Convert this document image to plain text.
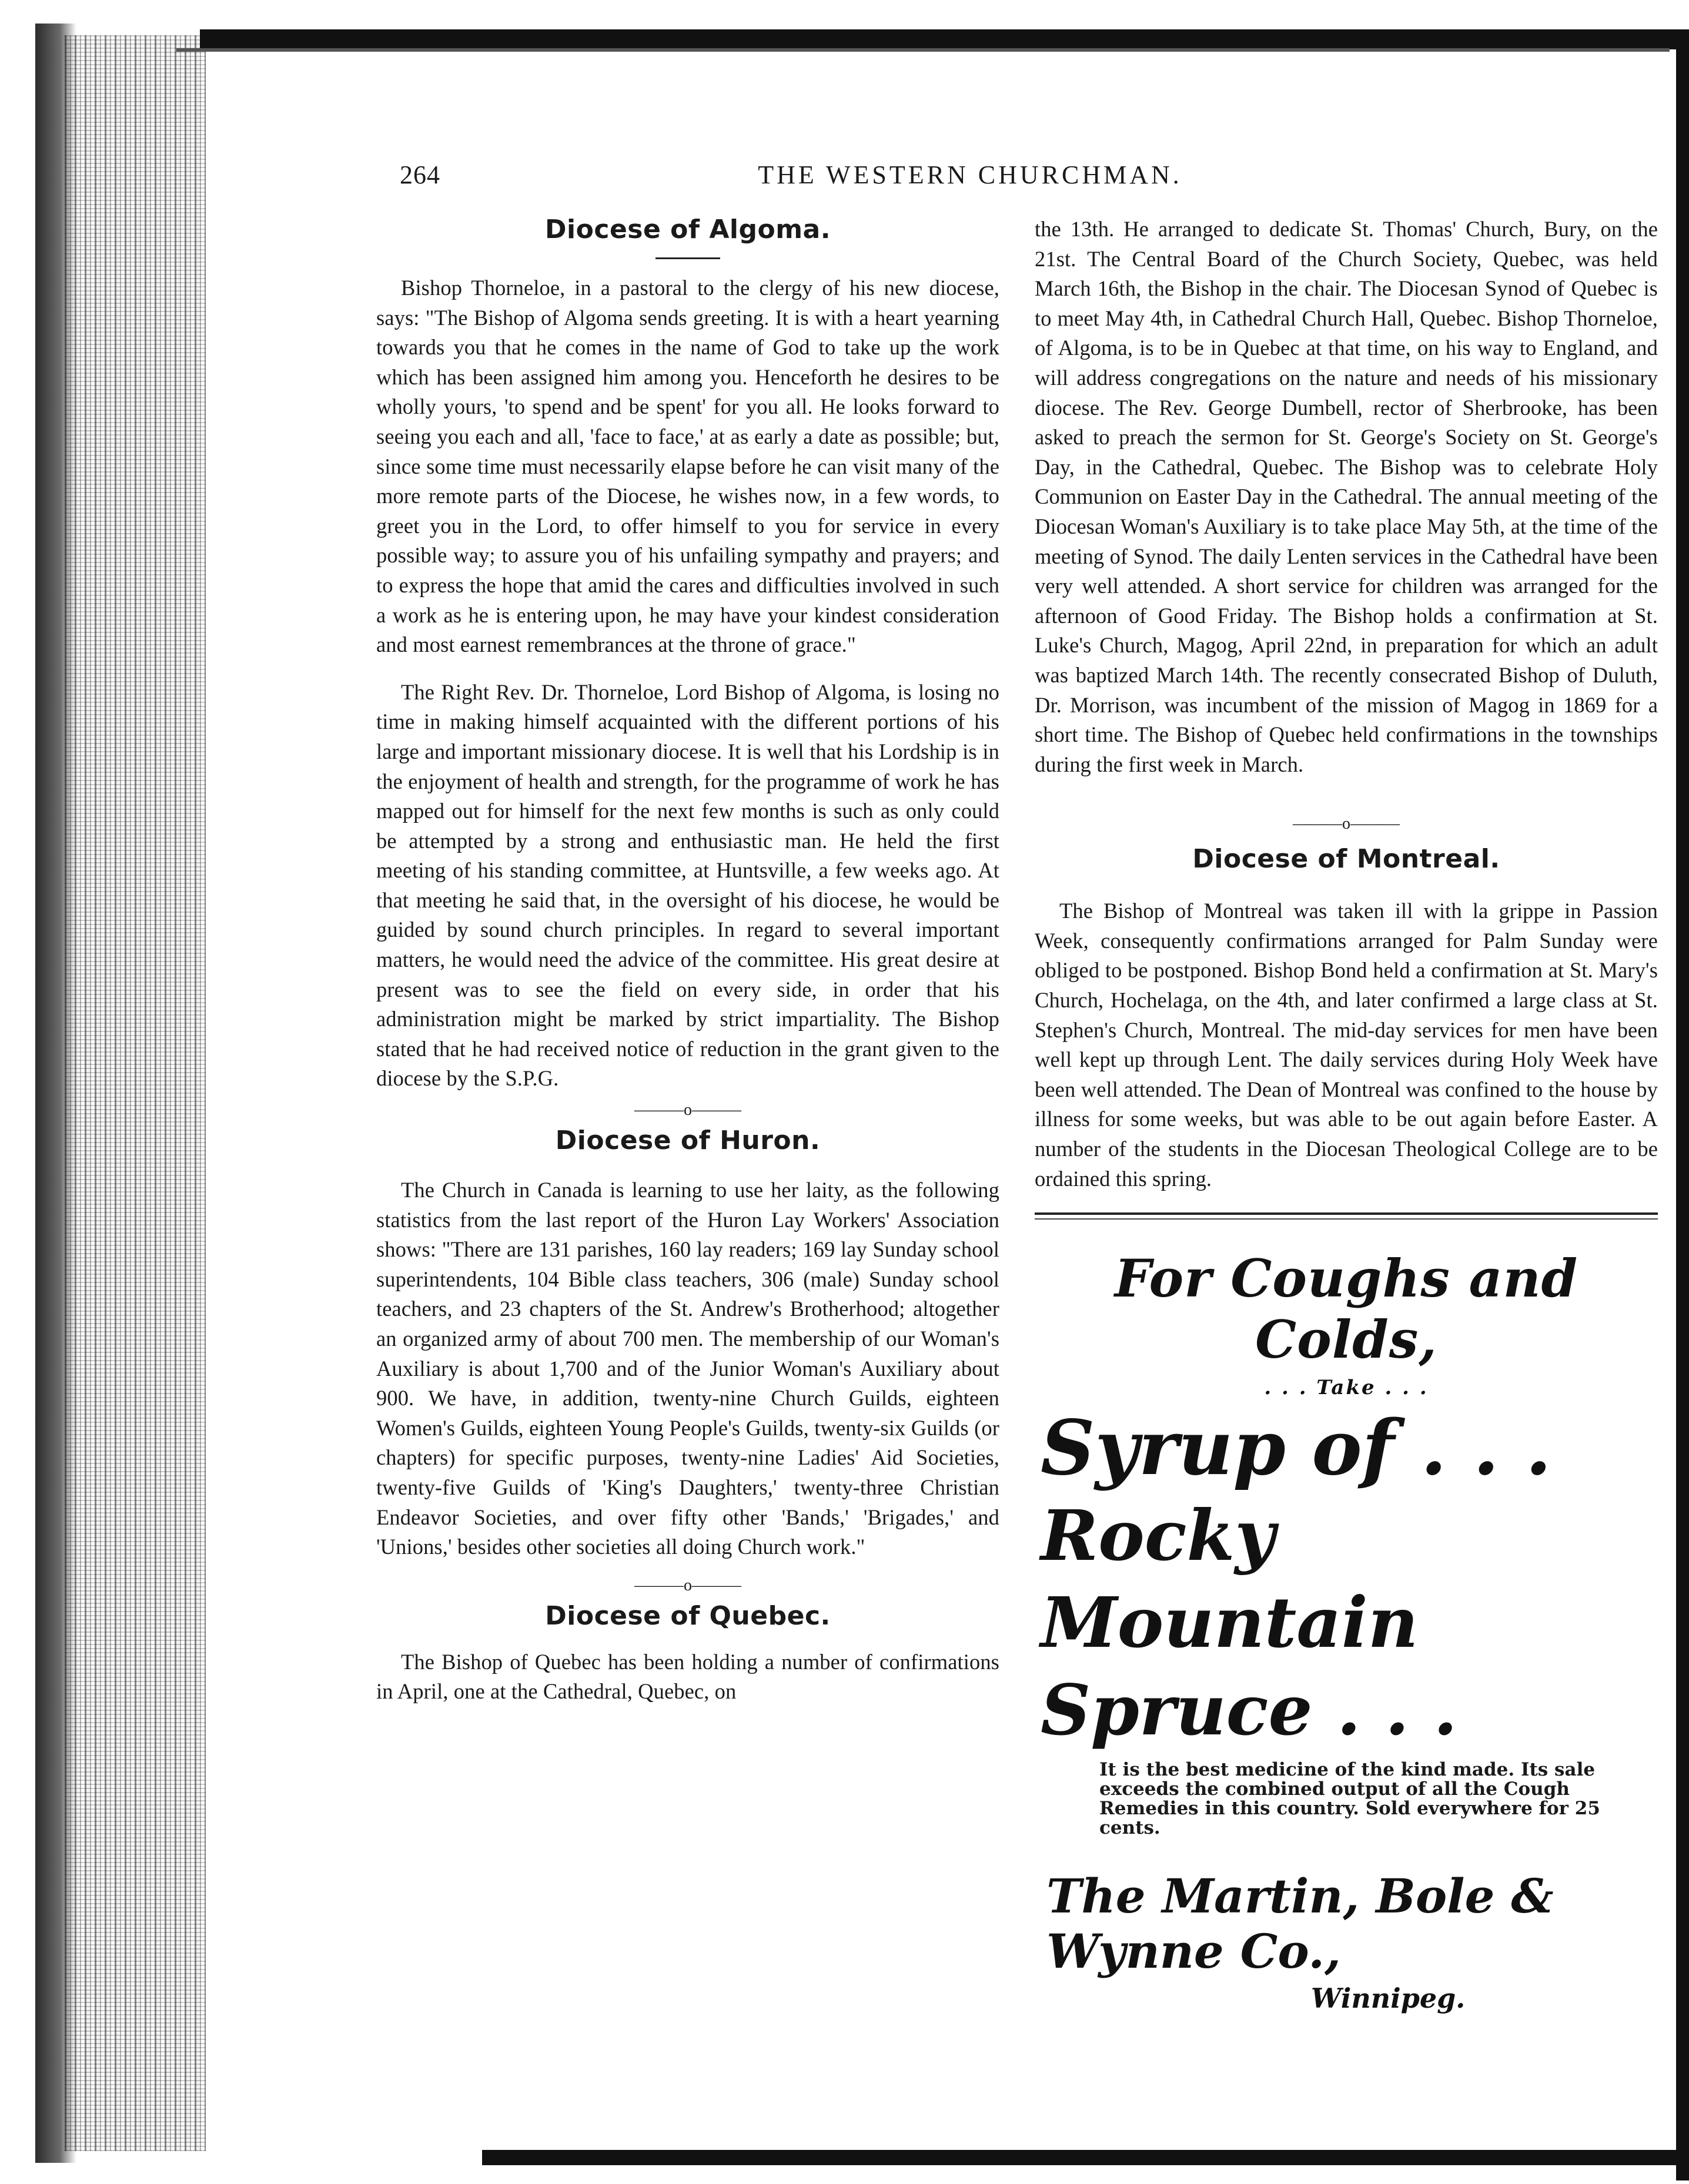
264	THE WESTERN CHURCHMAN.
Diocese of Algoma.

Bishop Thorneloe, in a pastoral to the clergy of his new diocese, says: "The Bishop of Algoma sends greeting. It is with a heart yearning towards you that he comes in the name of God to take up the work which has been assigned him among you. Henceforth he desires to be wholly yours, 'to spend and be spent' for you all. He looks forward to seeing you each and all, 'face to face,' at as early a date as possible; but, since some time must necessarily elapse before he can visit many of the more remote parts of the Diocese, he wishes now, in a few words, to greet you in the Lord, to offer himself to you for service in every possible way; to assure you of his unfailing sympathy and prayers; and to express the hope that amid the cares and difficulties involved in such a work as he is entering upon, he may have your kindest consideration and most earnest remembrances at the throne of grace."

The Right Rev. Dr. Thorneloe, Lord Bishop of Algoma, is losing no time in making himself acquainted with the different portions of his large and important missionary diocese. It is well that his Lordship is in the enjoyment of health and strength, for the programme of work he has mapped out for himself for the next few months is such as only could be attempted by a strong and enthusiastic man. He held the first meeting of his standing committee, at Huntsville, a few weeks ago. At that meeting he said that, in the oversight of his diocese, he would be guided by sound church principles. In regard to several important matters, he would need the advice of the committee. His great desire at present was to see the field on every side, in order that his administration might be marked by strict impartiality. The Bishop stated that he had received notice of reduction in the grant given to the diocese by the S.P.G.

———o———
Diocese of Huron.

The Church in Canada is learning to use her laity, as the following statistics from the last report of the Huron Lay Workers' Association shows: "There are 131 parishes, 160 lay readers; 169 lay Sunday school superintendents, 104 Bible class teachers, 306 (male) Sunday school teachers, and 23 chapters of the St. Andrew's Brotherhood; altogether an organized army of about 700 men. The membership of our Woman's Auxiliary is about 1,700 and of the Junior Woman's Auxiliary about 900. We have, in addition, twenty-nine Church Guilds, eighteen Women's Guilds, eighteen Young People's Guilds, twenty-six Guilds (or chapters) for specific purposes, twenty-nine Ladies' Aid Societies, twenty-five Guilds of 'King's Daughters,' twenty-three Christian Endeavor Societies, and over fifty other 'Bands,' 'Brigades,' and 'Unions,' besides other societies all doing Church work."

———o———
Diocese of Quebec.

The Bishop of Quebec has been holding a number of confirmations in April, one at the Cathedral, Quebec, on

the 13th. He arranged to dedicate St. Thomas' Church, Bury, on the 21st. The Central Board of the Church Society, Quebec, was held March 16th, the Bishop in the chair. The Diocesan Synod of Quebec is to meet May 4th, in Cathedral Church Hall, Quebec. Bishop Thorneloe, of Algoma, is to be in Quebec at that time, on his way to England, and will address congregations on the nature and needs of his missionary diocese. The Rev. George Dumbell, rector of Sherbrooke, has been asked to preach the sermon for St. George's Society on St. George's Day, in the Cathedral, Quebec. The Bishop was to celebrate Holy Communion on Easter Day in the Cathedral. The annual meeting of the Diocesan Woman's Auxiliary is to take place May 5th, at the time of the meeting of Synod. The daily Lenten services in the Cathedral have been very well attended. A short service for children was arranged for the afternoon of Good Friday. The Bishop holds a confirmation at St. Luke's Church, Magog, April 22nd, in preparation for which an adult was baptized March 14th. The recently consecrated Bishop of Duluth, Dr. Morrison, was incumbent of the mission of Magog in 1869 for a short time. The Bishop of Quebec held confirmations in the townships during the first week in March.

———o———
Diocese of Montreal.

The Bishop of Montreal was taken ill with la grippe in Passion Week, consequently confirmations arranged for Palm Sunday were obliged to be postponed. Bishop Bond held a confirmation at St. Mary's Church, Hochelaga, on the 4th, and later confirmed a large class at St. Stephen's Church, Montreal. The mid-day services for men have been well kept up through Lent. The daily services during Holy Week have been well attended. The Dean of Montreal was confined to the house by illness for some weeks, but was able to be out again before Easter. A number of the students in the Diocesan Theological College are to be ordained this spring.

For Coughs and Colds,
. . . Take . . .
Syrup of . . .
Rocky Mountain
Spruce . . .
It is the best medicine of the kind made. Its sale exceeds the combined output of all the Cough Remedies in this country. Sold everywhere for 25 cents.
The Martin, Bole & Wynne Co.,
Winnipeg.
